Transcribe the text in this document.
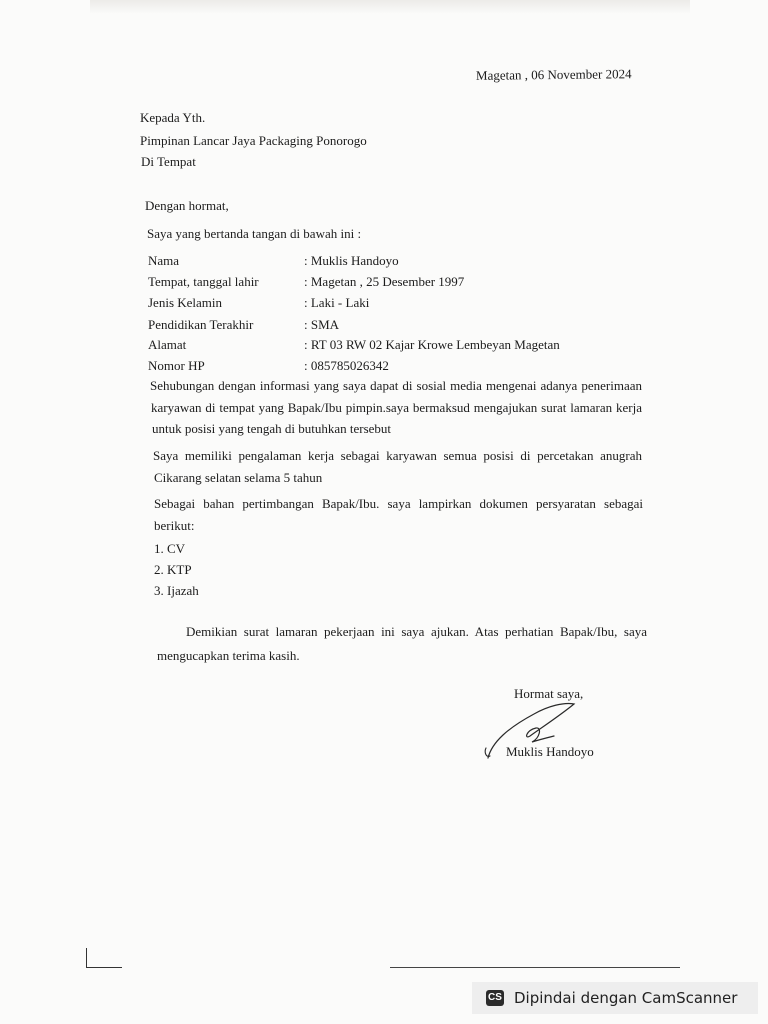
Magetan , 06 November 2024
Kepada Yth.
Pimpinan Lancar Jaya Packaging Ponorogo
Di Tempat
Dengan hormat,
Saya yang bertanda tangan di bawah ini :
Nama	: Muklis Handoyo
Tempat, tanggal lahir	: Magetan , 25 Desember 1997
Jenis Kelamin	: Laki - Laki
Pendidikan Terakhir	: SMA
Alamat	: RT 03 RW 02 Kajar Krowe Lembeyan Magetan
Nomor HP	: 085785026342
Sehubungan dengan informasi yang saya dapat di sosial media mengenai adanya penerimaan
karyawan di tempat yang Bapak/Ibu pimpin.saya bermaksud mengajukan surat lamaran kerja
untuk posisi yang tengah di butuhkan tersebut
Saya memiliki pengalaman kerja sebagai karyawan semua posisi di percetakan anugrah
Cikarang selatan selama 5 tahun
Sebagai bahan pertimbangan Bapak/Ibu. saya lampirkan dokumen persyaratan sebagai
berikut:
1. CV
2. KTP
3. Ijazah
Demikian surat lamaran pekerjaan ini saya ajukan. Atas perhatian Bapak/Ibu, saya
mengucapkan terima kasih.
Hormat saya,
Muklis Handoyo
CS Dipindai dengan CamScanner
